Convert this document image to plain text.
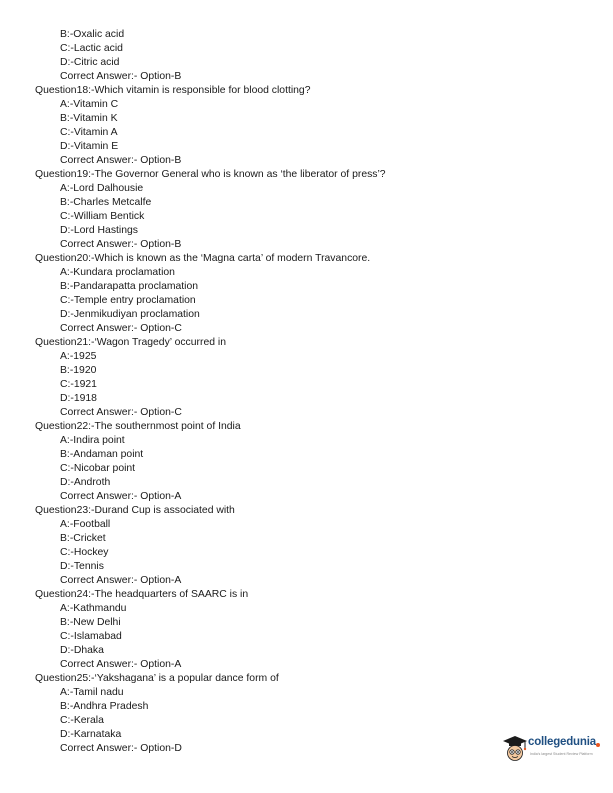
B:-Oxalic acid
C:-Lactic acid
D:-Citric acid
Correct Answer:- Option-B
Question18:-Which vitamin is responsible for blood clotting?
A:-Vitamin C
B:-Vitamin K
C:-Vitamin A
D:-Vitamin E
Correct Answer:- Option-B
Question19:-The Governor General who is known as ‘the liberator of press’?
A:-Lord Dalhousie
B:-Charles Metcalfe
C:-William Bentick
D:-Lord Hastings
Correct Answer:- Option-B
Question20:-Which is known as the ‘Magna carta’ of modern Travancore.
A:-Kundara proclamation
B:-Pandarapatta proclamation
C:-Temple entry proclamation
D:-Jenmikudiyan proclamation
Correct Answer:- Option-C
Question21:-‘Wagon Tragedy’ occurred in
A:-1925
B:-1920
C:-1921
D:-1918
Correct Answer:- Option-C
Question22:-The southernmost point of India
A:-Indira point
B:-Andaman point
C:-Nicobar point
D:-Androth
Correct Answer:- Option-A
Question23:-Durand Cup is associated with
A:-Football
B:-Cricket
C:-Hockey
D:-Tennis
Correct Answer:- Option-A
Question24:-The headquarters of SAARC is in
A:-Kathmandu
B:-New Delhi
C:-Islamabad
D:-Dhaka
Correct Answer:- Option-A
Question25:-‘Yakshagana’ is a popular dance form of
A:-Tamil nadu
B:-Andhra Pradesh
C:-Kerala
D:-Karnataka
Correct Answer:- Option-D
collegedunia
India's largest Student Review Platform
